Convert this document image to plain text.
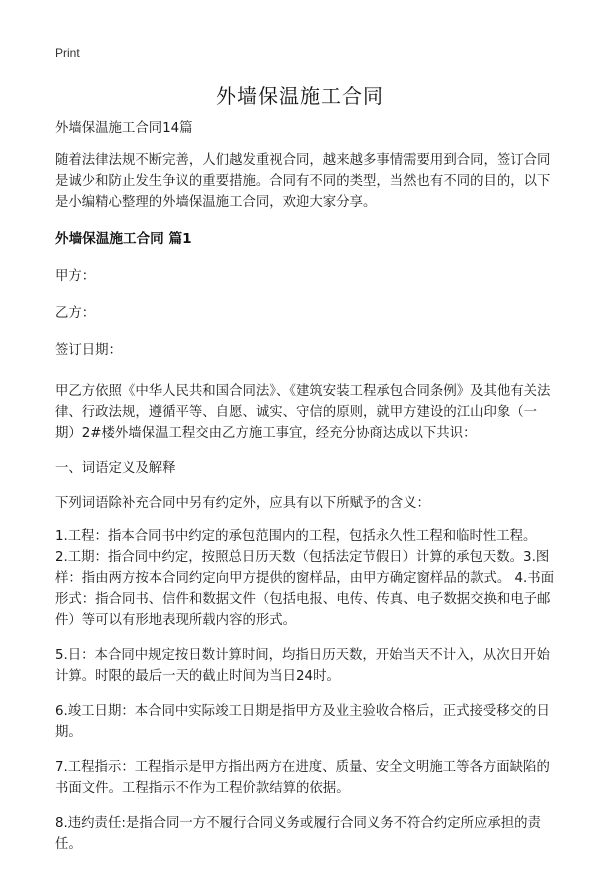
Print
外墙保温施工合同
外墙保温施工合同14篇
随着法律法规不断完善，人们越发重视合同，越来越多事情需要用到合同，签订合同是诚少和防止发生争议的重要措施。合同有不同的类型，当然也有不同的目的，以下是小编精心整理的外墙保温施工合同，欢迎大家分享。
外墙保温施工合同 篇1
甲方：
乙方：
签订日期：
甲乙方依照《中华人民共和国合同法》、《建筑安装工程承包合同条例》及其他有关法律、行政法规，遵循平等、自愿、诚实、守信的原则，就甲方建设的江山印象（一期）2#楼外墙保温工程交由乙方施工事宜，经充分协商达成以下共识：
一、词语定义及解释
下列词语除补充合同中另有约定外，应具有以下所赋予的含义：
1.工程：指本合同书中约定的承包范围内的工程，包括永久性工程和临时性工程。
2.工期：指合同中约定，按照总日历天数（包括法定节假日）计算的承包天数。3.图样：指由两方按本合同约定向甲方提供的窗样品，由甲方确定窗样品的款式。 4.书面形式：指合同书、信件和数据文件（包括电报、电传、传真、电子数据交换和电子邮件）等可以有形地表现所载内容的形式。
5.日：本合同中规定按日数计算时间，均指日历天数，开始当天不计入，从次日开始计算。时限的最后一天的截止时间为当日24时。
6.竣工日期：本合同中实际竣工日期是指甲方及业主验收合格后，正式接受移交的日期。
7.工程指示：工程指示是甲方指出两方在进度、质量、安全文明施工等各方面缺陷的书面文件。工程指示不作为工程价款结算的依据。
8.违约责任:是指合同一方不履行合同义务或履行合同义务不符合约定所应承担的责任。
